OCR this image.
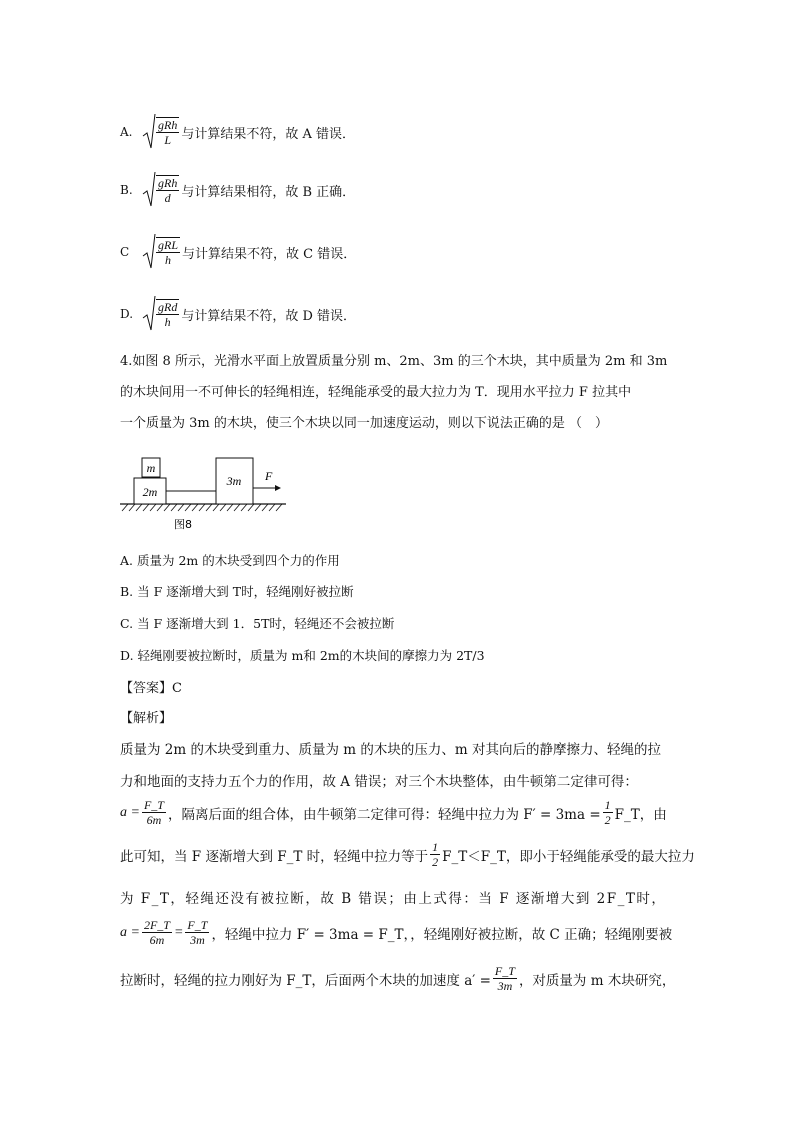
A.	$\frac{\text{gRh}}{L}$ 与计算结果不符，故 A 错误．
B.	$\frac{\text{gRh}}{d}$ 与计算结果相符，故 B 正确．
C	$\frac{\text{gRL}}{h}$ 与计算结果不符，故 C 错误．
D.	$\frac{\text{gRd}}{h}$ 与计算结果不符，故 D 错误．
4.如图 8 所示，光滑水平面上放置质量分别 m、2m、3m 的三个木块，其中质量为 2m 和 3m
的木块间用一不可伸长的轻绳相连，轻绳能承受的最大拉力为 T．现用水平拉力 F 拉其中
一个质量为 3m 的木块，使三个木块以同一加速度运动，则以下说法正确的是 （　）
2m
m
3m F
图8
A. 质量为 2m 的木块受到四个力的作用
B. 当 F 逐渐增大到 T时，轻绳刚好被拉断
C. 当 F 逐渐增大到 1．5T时，轻绳还不会被拉断
D. 轻绳刚要被拉断时，质量为 m和 2m的木块间的摩擦力为 2T/3
【答案】C
【解析】
质量为 2m 的木块受到重力、质量为 m 的木块的压力、m 对其向后的静摩擦力、轻绳的拉
力和地面的支持力五个力的作用，故 A 错误；对三个木块整体，由牛顿第二定律可得：
$a = \frac{F\_T}{6m}$ ，隔离后面的组合体，由牛顿第二定律可得：轻绳中拉力为 $F' = 3ma = \frac{1}{2}$ F_T，由
此可知，当 F 逐渐增大到 F_T 时，轻绳中拉力等于 $\frac{1}{2}$ F_T＜F_T，即小于轻绳能承受的最大拉力
为 F_T，轻绳还没有被拉断，故 B 错误；由上式得：当 F 逐渐增大到 2F_T时，
$a = \frac{2F\_T}{6m} = \frac{F\_T}{3m}$ ，轻绳中拉力 F′ = 3ma = F_T，，轻绳刚好被拉断，故 C 正确；轻绳刚要被
拉断时，轻绳的拉力刚好为 F_T，后面两个木块的加速度 $a' = \frac{F\_T}{3m}$ ，对质量为 m 木块研究，
